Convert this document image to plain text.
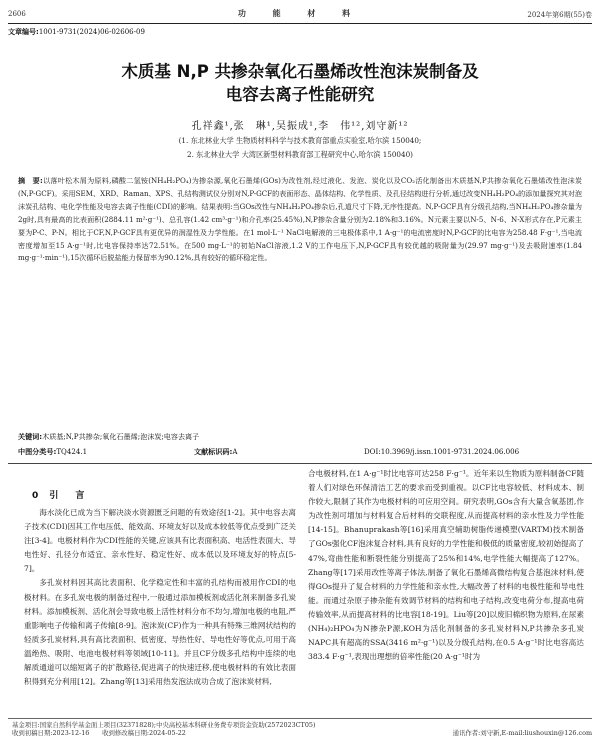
2606	功 能 材 料	2024年第6期(55)卷
文章编号:1001-9731(2024)06-02606-09
木质基 N,P 共掺杂氧化石墨烯改性泡沫炭制备及
电容去离子性能研究
孔祥鑫¹,张　琳¹,吴振成¹,李　伟¹²,刘守新¹²
(1. 东北林业大学 生物质材料科学与技术教育部重点实验室,哈尔滨 150040;
2. 东北林业大学 大湾区新型材料教育部工程研究中心,哈尔滨 150040)
摘　要:以落叶松木屑为原料,磷酸二氢铵(NH₄H₂PO₄)为掺杂源,氧化石墨烯(GOs)为改性剂,经过液化、发泡、炭化以及CO₂活化制备出木质基N,P共掺杂氧化石墨烯改性泡沫炭(N,P-GCF)。采用SEM、XRD、Raman、XPS、孔结构测试仪分别对N,P-GCF的表面形态、晶体结构、化学性质、及孔径结构进行分析,通过改变NH₄H₂PO₄的添加量探究其对泡沫炭孔结构、电化学性能及电容去离子性能(CDI)的影响。结果表明:当GOs改性与NH₄H₂PO₄掺杂后,孔道尺寸下降,无序性提高。N,P-GCF具有分级孔结构,当NH₄H₂PO₄掺杂量为2g时,具有最高的比表面积(2884.11 m²·g⁻¹)、总孔容(1.42 cm³·g⁻¹)和介孔率(25.45%),N,P掺杂含量分别为2.18%和3.16%。N元素主要以N-5、N-6、N-X形式存在,P元素主要为P-C、P-N。相比于CF,N,P-GCF具有更优异的润湿性及力学性能。在1 mol·L⁻¹ NaCl电解液的三电极体系中,1 A·g⁻¹的电流密度时N,P-GCF的比电容为258.48 F·g⁻¹,当电流密度增加至15 A·g⁻¹时,比电容保持率达72.51%。在500 mg·L⁻¹的初始NaCl溶液,1.2 V的工作电压下,N,P-GCF具有较优越的吸附量为(29.97 mg·g⁻¹)及去吸附速率(1.84 mg·g⁻¹·min⁻¹),15次循环后脱盐能力保留率为90.12%,具有较好的循环稳定性。
关键词:木质基;N,P共掺杂;氧化石墨烯;泡沫炭;电容去离子
中图分类号:TQ424.1	文献标识码:A	DOI:10.3969/j.issn.1001-9731.2024.06.006
0 引　言

海水淡化已成为当下解决淡水资源匮乏问题的有效途径[1-2]。其中电容去离子技术(CDI)因其工作电压低、能效高、环境友好以及成本较低等优点受到广泛关注[3-4]。电极材料作为CDI性能的关键,应该具有比表面积高、电活性表面大、导电性好、孔径分布适宜、亲水性好、稳定性好、成本低以及环境友好的特点[5-7]。

多孔炭材料因其高比表面积、化学稳定性和丰富的孔结构而被用作CDI的电极材料。在多孔炭电极的制备过程中,一般通过添加模板剂或活化剂来制备多孔炭材料。添加模板剂、活化剂会导致电极上活性材料分布不均匀,增加电极的电阻,严重影响电子传输和离子传输[8-9]。泡沫炭(CF)作为一种具有特殊三维网状结构的轻质多孔炭材料,具有高比表面积、低密度、导热性好、导电性好等优点,可用于高温绝热、吸附、电池电极材料等领域[10-11]。并且CF分级多孔结构中连续的电解质通道可以缩短离子的扩散路径,促进离子的快速迁移,使电极材料的有效比表面积得到充分利用[12]。Zhang等[13]采用热发泡法成功合成了泡沫炭材料,

合电极材料,在1 A·g⁻¹时比电容可达258 F·g⁻¹。近年来以生物质为原料制备CF随着人们对绿色环保清洁工艺的要求而受到重视。以CF比电容较低、材料成本、制作较大,限制了其作为电极材料的可应用空间。研究表明,GOs含有大量含氧基团,作为改性剂可增加与材料复合后材料的交联程度,从而提高材料的亲水性及力学性能[14-15]。Bhanuprakash等[16]采用真空辅助树脂传递模塑(VARTM)技术制备了GOs强化CF泡沫复合材料,具有良好的力学性能和极低的质量密度,较初始提高了47%,弯曲性能和断裂性能分别提高了25%和14%,电学性能大幅提高了127%。Zhang等[17]采用改性等离子体法,制备了氧化石墨烯高微结构复合基泡沫材料,使得GOs提升了复合材料的力学性能和亲水性,大幅改善了材料的电极性能和导电性能。而通过杂原子掺杂能有效调节材料的结构和电子结构,改变电荷分布,提高电荷传输效率,从而提高材料的比电容[18-19]。Liu等[20]以废旧棉织物为原料,在尿素(NH₄)₂HPO₄为N掺杂P源,KOH为活化剂制备的多孔炭材料N,P共掺杂多孔炭NAPC具有超高的SSA(3416 m²·g⁻¹)以及分级孔结构,在0.5 A·g⁻¹时比电容高达383.4 F·g⁻¹,表现出理想的倍率性能(20 A·g⁻¹时为

基金项目:国家自然科学基金面上项目(32371828);中央高校基本科研业务费专项资金资助(2572023CT05)
收到初稿日期:2023-12-16　　收到修改稿日期:2024-05-22	通讯作者:刘守新,E-mail:liushouxin@126.com
